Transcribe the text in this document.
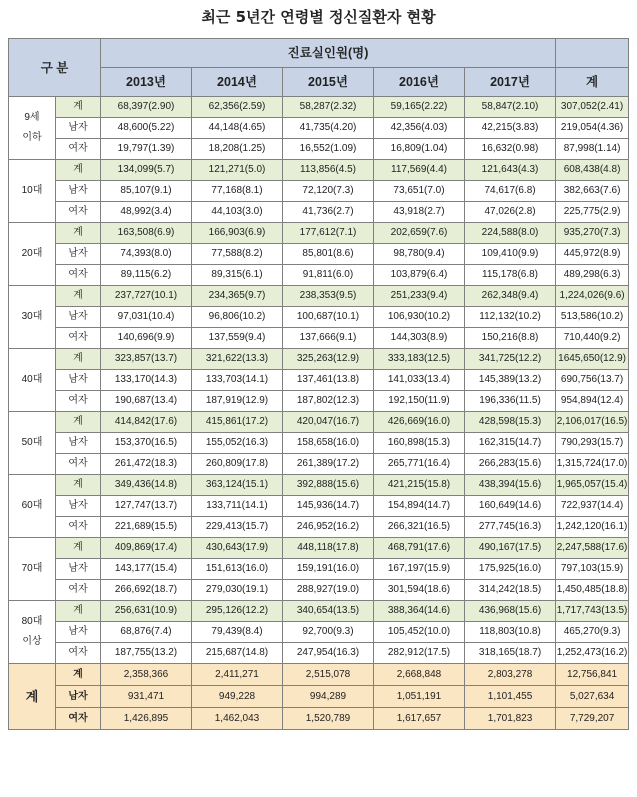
최근 5년간 연령별 정신질환자 현황
구 분		진료실인원(명)					
		2013년	2014년	2015년	2016년	2017년	계
9세
이하	계	68,397(2.90)	62,356(2.59)	58,287(2.32)	59,165(2.22)	58,847(2.10)	307,052(2.41)
	남자	48,600(5.22)	44,148(4.65)	41,735(4.20)	42,356(4.03)	42,215(3.83)	219,054(4.36)
	여자	19,797(1.39)	18,208(1.25)	16,552(1.09)	16,809(1.04)	16,632(0.98)	87,998(1.14)
10대	계	134,099(5.7)	121,271(5.0)	113,856(4.5)	117,569(4.4)	121,643(4.3)	608,438(4.8)
	남자	85,107(9.1)	77,168(8.1)	72,120(7.3)	73,651(7.0)	74,617(6.8)	382,663(7.6)
	여자	48,992(3.4)	44,103(3.0)	41,736(2.7)	43,918(2.7)	47,026(2.8)	225,775(2.9)
20대	계	163,508(6.9)	166,903(6.9)	177,612(7.1)	202,659(7.6)	224,588(8.0)	935,270(7.3)
	남자	74,393(8.0)	77,588(8.2)	85,801(8.6)	98,780(9.4)	109,410(9.9)	445,972(8.9)
	여자	89,115(6.2)	89,315(6.1)	91,811(6.0)	103,879(6.4)	115,178(6.8)	489,298(6.3)
30대	계	237,727(10.1)	234,365(9.7)	238,353(9.5)	251,233(9.4)	262,348(9.4)	1,224,026(9.6)
	남자	97,031(10.4)	96,806(10.2)	100,687(10.1)	106,930(10.2)	112,132(10.2)	513,586(10.2)
	여자	140,696(9.9)	137,559(9.4)	137,666(9.1)	144,303(8.9)	150,216(8.8)	710,440(9.2)
40대	계	323,857(13.7)	321,622(13.3)	325,263(12.9)	333,183(12.5)	341,725(12.2)	1645,650(12.9)
	남자	133,170(14.3)	133,703(14.1)	137,461(13.8)	141,033(13.4)	145,389(13.2)	690,756(13.7)
	여자	190,687(13.4)	187,919(12.9)	187,802(12.3)	192,150(11.9)	196,336(11.5)	954,894(12.4)
50대	계	414,842(17.6)	415,861(17.2)	420,047(16.7)	426,669(16.0)	428,598(15.3)	2,106,017(16.5)
	남자	153,370(16.5)	155,052(16.3)	158,658(16.0)	160,898(15.3)	162,315(14.7)	790,293(15.7)
	여자	261,472(18.3)	260,809(17.8)	261,389(17.2)	265,771(16.4)	266,283(15.6)	1,315,724(17.0)
60대	계	349,436(14.8)	363,124(15.1)	392,888(15.6)	421,215(15.8)	438,394(15.6)	1,965,057(15.4)
	남자	127,747(13.7)	133,711(14.1)	145,936(14.7)	154,894(14.7)	160,649(14.6)	722,937(14.4)
	여자	221,689(15.5)	229,413(15.7)	246,952(16.2)	266,321(16.5)	277,745(16.3)	1,242,120(16.1)
70대	계	409,869(17.4)	430,643(17.9)	448,118(17.8)	468,791(17.6)	490,167(17.5)	2,247,588(17.6)
	남자	143,177(15.4)	151,613(16.0)	159,191(16.0)	167,197(15.9)	175,925(16.0)	797,103(15.9)
	여자	266,692(18.7)	279,030(19.1)	288,927(19.0)	301,594(18.6)	314,242(18.5)	1,450,485(18.8)
80대
이상	계	256,631(10.9)	295,126(12.2)	340,654(13.5)	388,364(14.6)	436,968(15.6)	1,717,743(13.5)
	남자	68,876(7.4)	79,439(8.4)	92,700(9.3)	105,452(10.0)	118,803(10.8)	465,270(9.3)
	여자	187,755(13.2)	215,687(14.8)	247,954(16.3)	282,912(17.5)	318,165(18.7)	1,252,473(16.2)
계	계	2,358,366	2,411,271	2,515,078	2,668,848	2,803,278	12,756,841
	남자	931,471	949,228	994,289	1,051,191	1,101,455	5,027,634
	여자	1,426,895	1,462,043	1,520,789	1,617,657	1,701,823	7,729,207
